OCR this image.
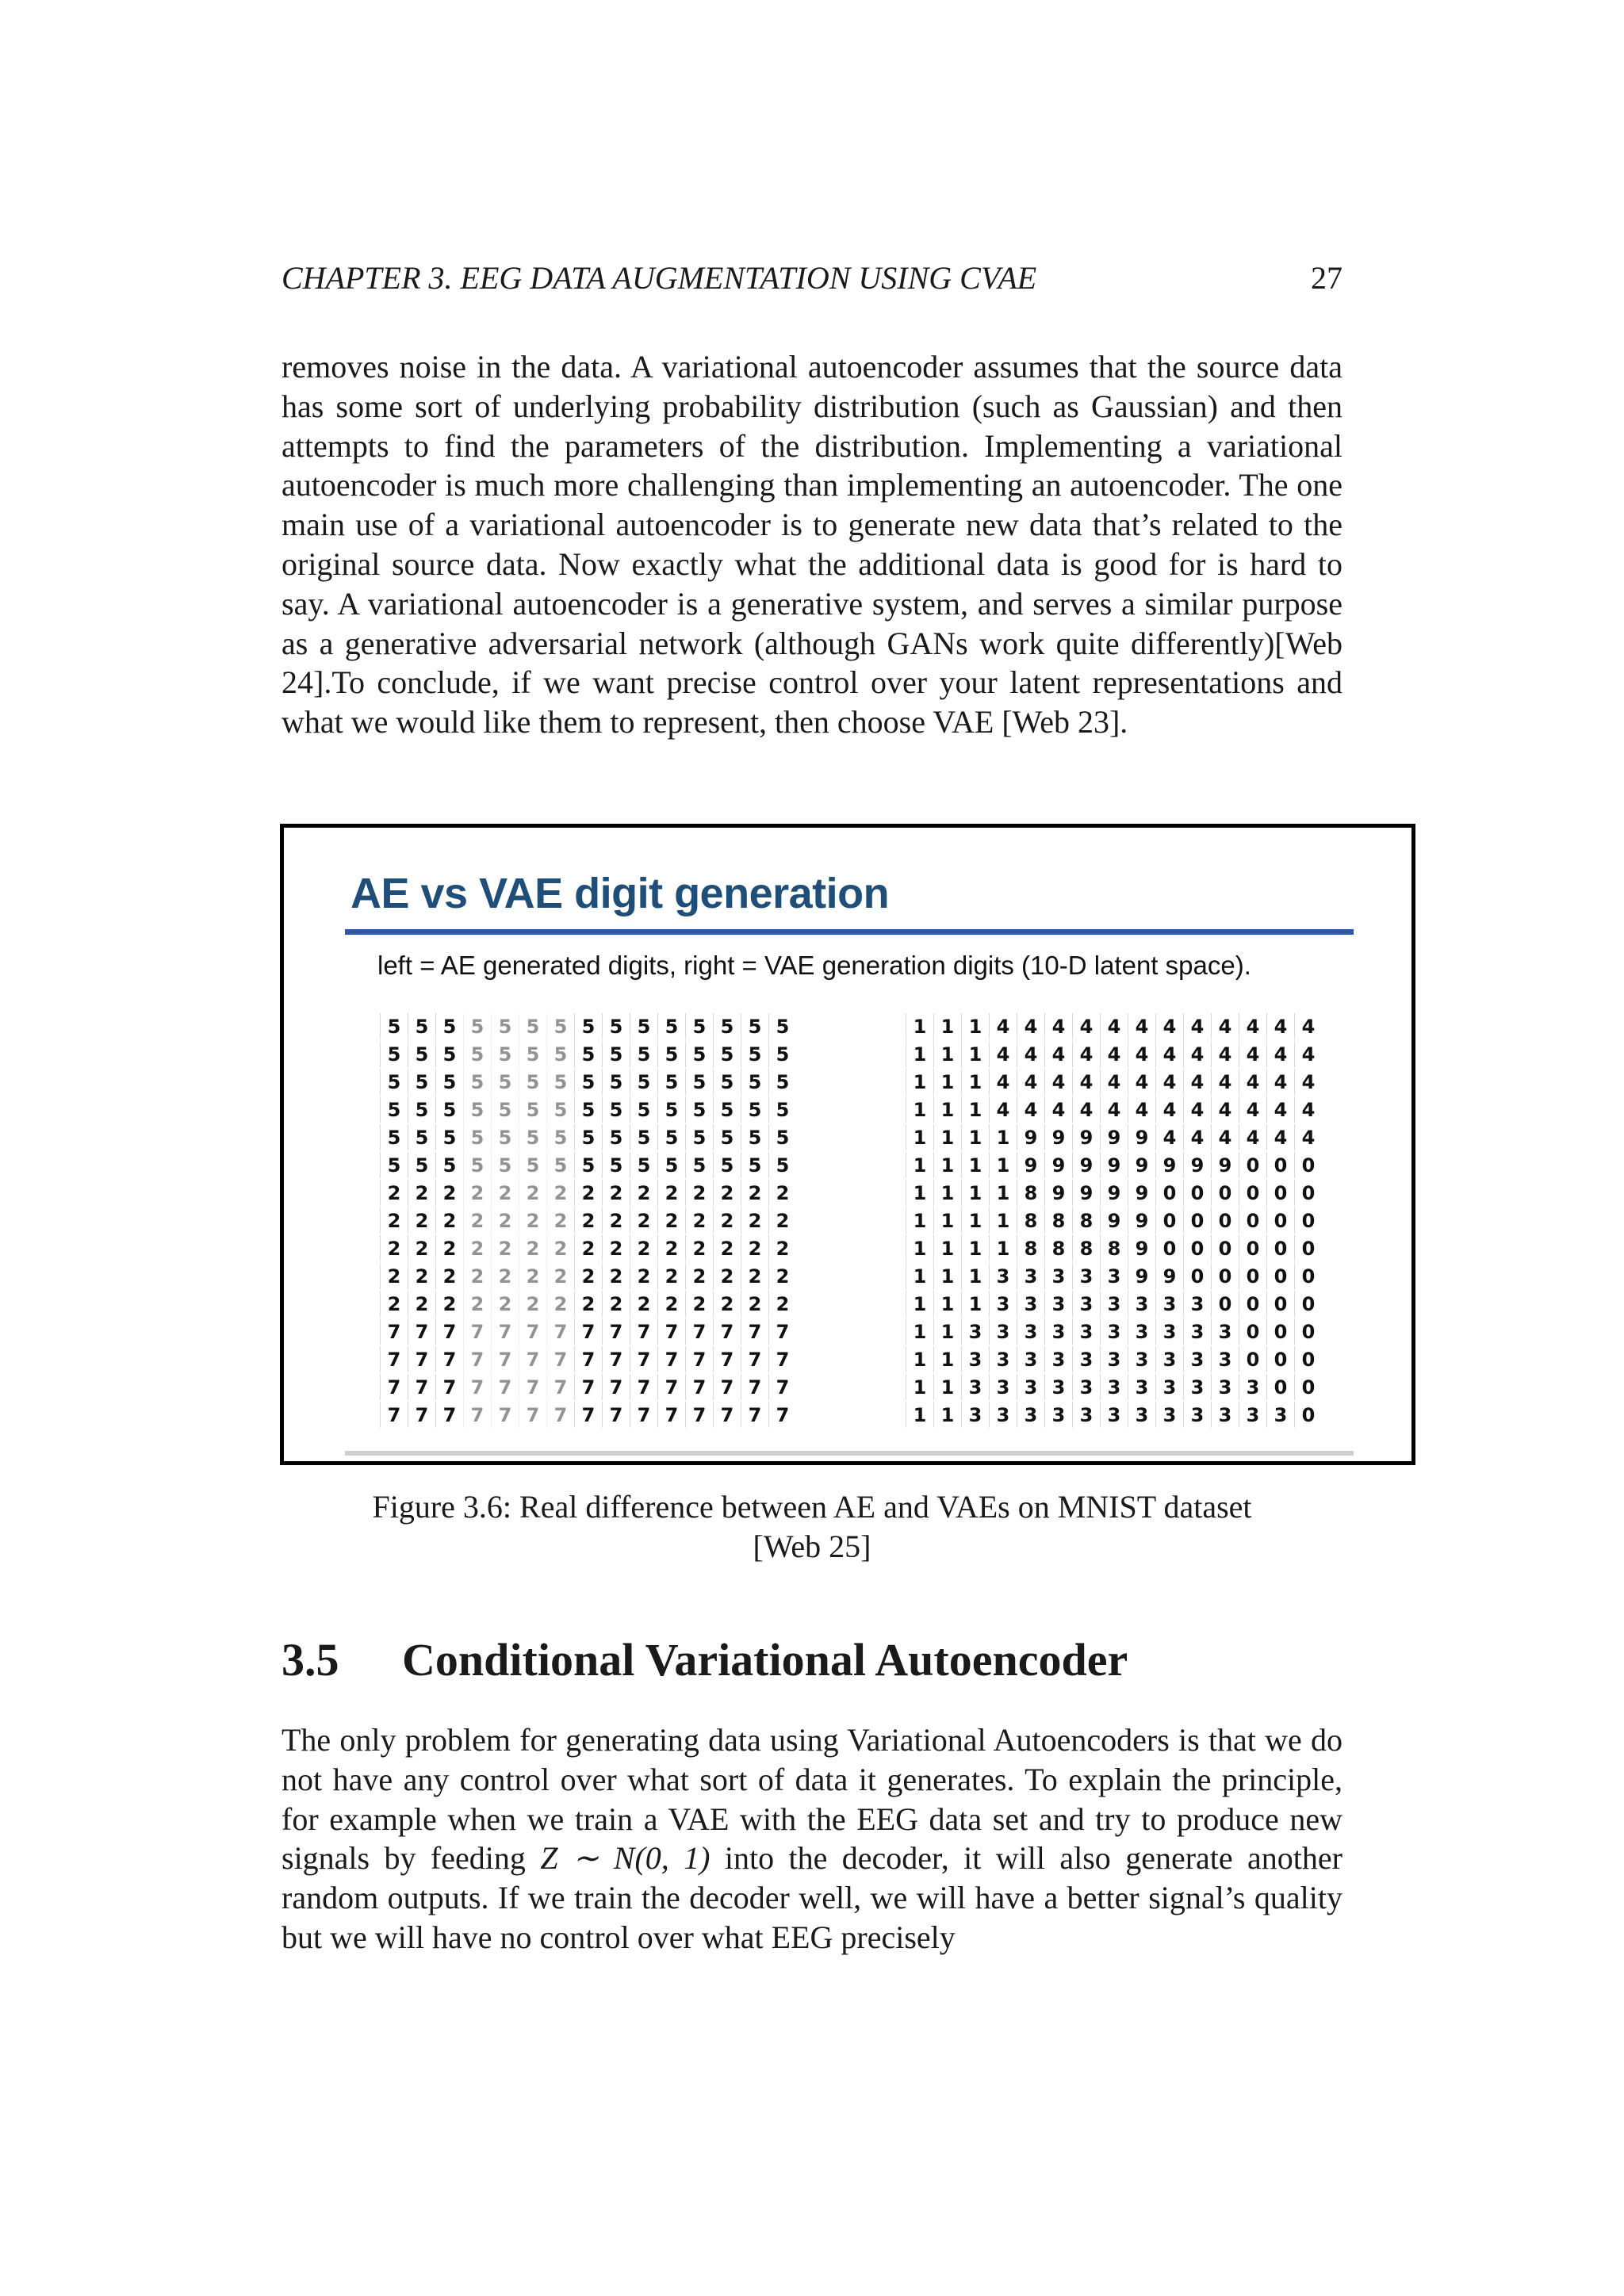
CHAPTER 3. EEG DATA AUGMENTATION USING CVAE	27

removes noise in the data. A variational autoencoder assumes that the source data has some sort of underlying probability distribution (such as Gaussian) and then attempts to find the parameters of the distribution. Implementing a variational autoencoder is much more challenging than implementing an autoencoder. The one main use of a variational autoencoder is to generate new data that’s related to the original source data. Now exactly what the additional data is good for is hard to say. A variational autoencoder is a generative system, and serves a similar purpose as a generative adversarial network (although GANs work quite differently)[Web 24].To conclude, if we want precise control over your latent representations and what we would like them to represent, then choose VAE [Web 23].

AE vs VAE digit generation
left = AE generated digits, right = VAE generation digits (10-D latent space).
5 5 5 5 5 5 5 5 5 5 5 5 5 5 5
5 5 5 5 5 5 5 5 5 5 5 5 5 5 5
5 5 5 5 5 5 5 5 5 5 5 5 5 5 5
5 5 5 5 5 5 5 5 5 5 5 5 5 5 5
5 5 5 5 5 5 5 5 5 5 5 5 5 5 5
5 5 5 5 5 5 5 5 5 5 5 5 5 5 5
2 2 2 2 2 2 2 2 2 2 2 2 2 2 2
2 2 2 2 2 2 2 2 2 2 2 2 2 2 2
2 2 2 2 2 2 2 2 2 2 2 2 2 2 2
2 2 2 2 2 2 2 2 2 2 2 2 2 2 2
2 2 2 2 2 2 2 2 2 2 2 2 2 2 2
7 7 7 7 7 7 7 7 7 7 7 7 7 7 7
7 7 7 7 7 7 7 7 7 7 7 7 7 7 7
7 7 7 7 7 7 7 7 7 7 7 7 7 7 7
7 7 7 7 7 7 7 7 7 7 7 7 7 7 7
1 1 1 4 4 4 4 4 4 4 4 4 4 4 4
1 1 1 4 4 4 4 4 4 4 4 4 4 4 4
1 1 1 4 4 4 4 4 4 4 4 4 4 4 4
1 1 1 4 4 4 4 4 4 4 4 4 4 4 4
1 1 1 1 9 9 9 9 9 4 4 4 4 4 4
1 1 1 1 9 9 9 9 9 9 9 9 0 0 0
1 1 1 1 8 9 9 9 9 0 0 0 0 0 0
1 1 1 1 8 8 8 9 9 0 0 0 0 0 0
1 1 1 1 8 8 8 8 9 0 0 0 0 0 0
1 1 1 3 3 3 3 3 9 9 0 0 0 0 0
1 1 1 3 3 3 3 3 3 3 3 0 0 0 0
1 1 3 3 3 3 3 3 3 3 3 3 0 0 0
1 1 3 3 3 3 3 3 3 3 3 3 0 0 0
1 1 3 3 3 3 3 3 3 3 3 3 3 0 0
1 1 3 3 3 3 3 3 3 3 3 3 3 3 0
Figure 3.6: Real difference between AE and VAEs on MNIST dataset
[Web 25]
3.5 Conditional Variational Autoencoder

The only problem for generating data using Variational Autoencoders is that we do not have any control over what sort of data it generates. To explain the principle, for example when we train a VAE with the EEG data set and try to produce new signals by feeding Z ∼ N(0, 1) into the decoder, it will also generate another random outputs. If we train the decoder well, we will have a better signal’s quality but we will have no control over what EEG precisely
